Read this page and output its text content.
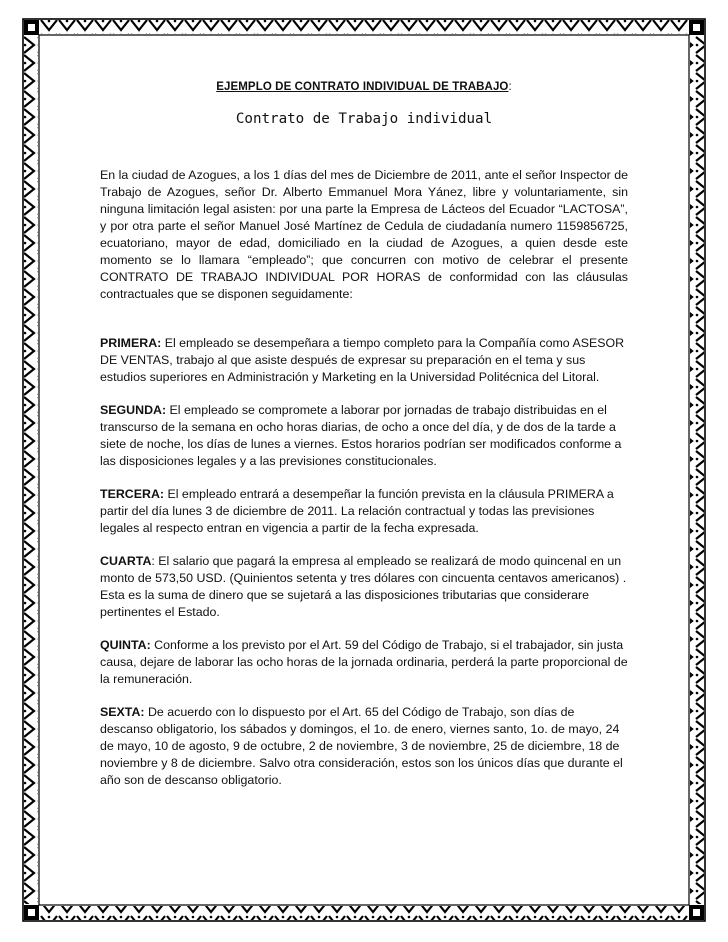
EJEMPLO DE CONTRATO INDIVIDUAL DE TRABAJO:
Contrato de Trabajo individual

En la ciudad de Azogues, a los 1 días del mes de Diciembre de 2011, ante el señor Inspector de Trabajo de Azogues, señor Dr. Alberto Emmanuel Mora Yánez, libre y voluntariamente, sin ninguna limitación legal asisten: por una parte la Empresa de Lácteos del Ecuador “LACTOSA”, y por otra parte el señor Manuel José Martínez de Cedula de ciudadanía numero 1159856725, ecuatoriano, mayor de edad, domiciliado en la ciudad de Azogues, a quien desde este momento se lo llamara “empleado”; que concurren con motivo de celebrar el presente CONTRATO DE TRABAJO INDIVIDUAL POR HORAS de conformidad con las cláusulas contractuales que se disponen seguidamente:

PRIMERA: El empleado se desempeñara a tiempo completo para la Compañía como ASESOR DE VENTAS, trabajo al que asiste después de expresar su preparación en el tema y sus estudios superiores en Administración y Marketing en la Universidad Politécnica del Litoral.

SEGUNDA: El empleado se compromete a laborar por jornadas de trabajo distribuidas en el transcurso de la semana en ocho horas diarias, de ocho a once del día, y de dos de la tarde a siete de noche, los días de lunes a viernes. Estos horarios podrían ser modificados conforme a las disposiciones legales y a las previsiones constitucionales.

TERCERA: El empleado entrará a desempeñar la función prevista en la cláusula PRIMERA a partir del día lunes 3 de diciembre de 2011. La relación contractual y todas las previsiones legales al respecto entran en vigencia a partir de la fecha expresada.

CUARTA: El salario que pagará la empresa al empleado se realizará de modo quincenal en un monto de 573,50 USD. (Quinientos setenta y tres dólares con cincuenta centavos americanos) . Esta es la suma de dinero que se sujetará a las disposiciones tributarias que considerare pertinentes el Estado.

QUINTA: Conforme a los previsto por el Art. 59 del Código de Trabajo, si el trabajador, sin justa causa, dejare de laborar las ocho horas de la jornada ordinaria, perderá la parte proporcional de la remuneración.

SEXTA: De acuerdo con lo dispuesto por el Art. 65 del Código de Trabajo, son días de descanso obligatorio, los sábados y domingos, el 1o. de enero, viernes santo, 1o. de mayo, 24 de mayo, 10 de agosto, 9 de octubre, 2 de noviembre, 3 de noviembre, 25 de diciembre, 18 de noviembre y 8 de diciembre. Salvo otra consideración, estos son los únicos días que durante el año son de descanso obligatorio.
